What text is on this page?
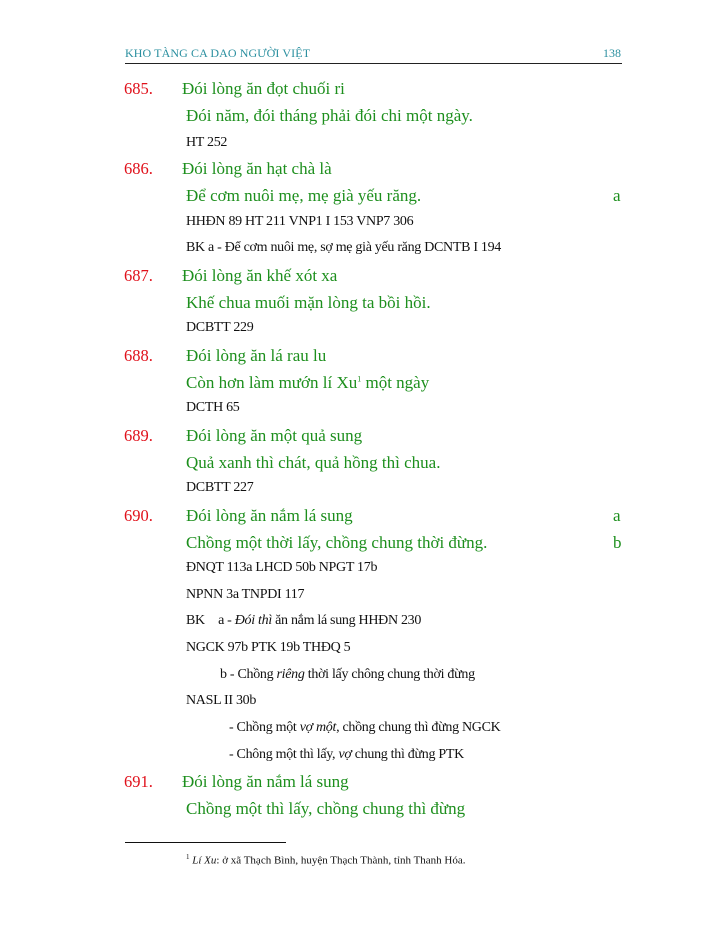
KHO TÀNG CA DAO NGƯỜI VIỆT	138
685. Đói lòng ăn đọt chuối ri
Đói năm, đói tháng phải đói chi một ngày.
HT 252
686. Đói lòng ăn hạt chà là
Để cơm nuôi mẹ, mẹ già yếu răng.	a
HHĐN 89 HT 211 VNP1 I 153 VNP7 306
BK a - Để cơm nuôi mẹ, sợ mẹ già yếu răng DCNTB I 194
687. Đói lòng ăn khế xót xa
Khế chua muối mặn lòng ta bồi hồi.
DCBTT 229
688. Đói lòng ăn lá rau lu
Còn hơn làm mướn lí Xu$^1$ một ngày
DCTH 65
689. Đói lòng ăn một quả sung
Quả xanh thì chát, quả hồng thì chua.
DCBTT 227
690. Đói lòng ăn nắm lá sung	a
Chồng một thời lấy, chồng chung thời đừng.	b
ĐNQT 113a LHCD 50b NPGT 17b
NPNN 3a TNPDI 117
BK a - Đói thì ăn nắm lá sung HHĐN 230
NGCK 97b PTK 19b THĐQ 5
b - Chồng riêng thời lấy chông chung thời đừng
NASL II 30b
- Chồng một vợ một, chồng chung thì đừng NGCK
- Chông một thì lấy, vợ chung thì đừng PTK
691. Đói lòng ăn nắm lá sung
Chồng một thì lấy, chồng chung thì đừng
$^1$ Lí Xu: ở xã Thạch Bình, huyện Thạch Thành, tỉnh Thanh Hóa.
